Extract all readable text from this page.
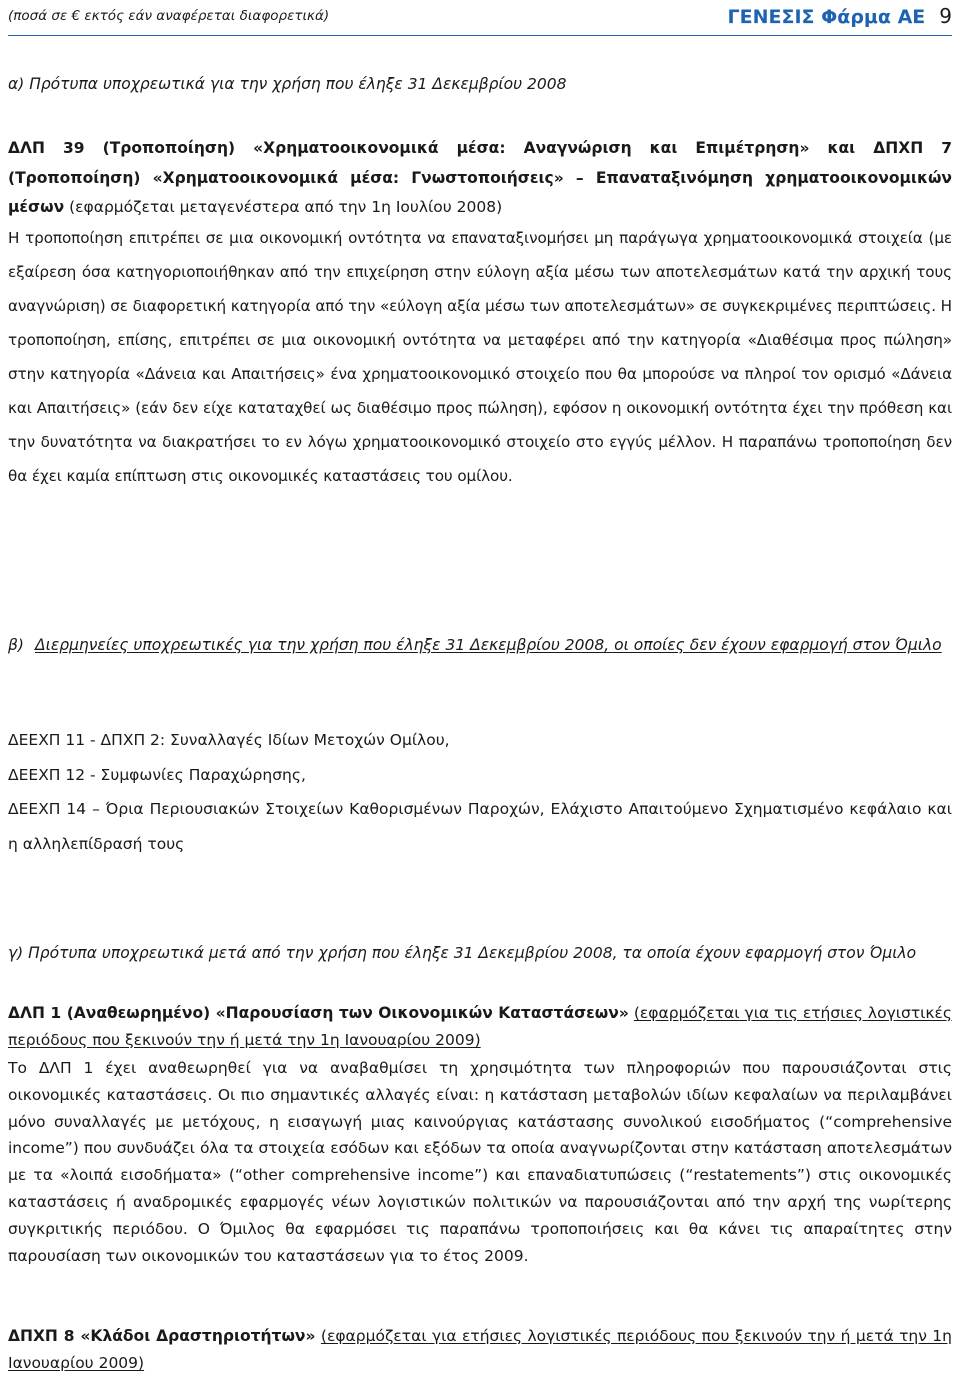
(ποσά σε € εκτός εάν αναφέρεται διαφορετικά)	ΓΕΝΕΣΙΣ Φάρμα ΑΕ 9

α) Πρότυπα υποχρεωτικά για την χρήση που έληξε 31 Δεκεμβρίου 2008

ΔΛΠ 39 (Τροποποίηση) «Χρηματοοικονομικά μέσα: Αναγνώριση και Επιμέτρηση» και ΔΠΧΠ 7 (Τροποποίηση) «Χρηματοοικονομικά μέσα: Γνωστοποιήσεις» – Επαναταξινόμηση χρηματοοικονομικών μέσων (εφαρμόζεται μεταγενέστερα από την 1η Ιουλίου 2008)

Η τροποποίηση επιτρέπει σε μια οικονομική οντότητα να επαναταξινομήσει μη παράγωγα χρηματοοικονομικά στοιχεία (με εξαίρεση όσα κατηγοριοποιήθηκαν από την επιχείρηση στην εύλογη αξία μέσω των αποτελεσμάτων κατά την αρχική τους αναγνώριση) σε διαφορετική κατηγορία από την «εύλογη αξία μέσω των αποτελεσμάτων» σε συγκεκριμένες περιπτώσεις. Η τροποποίηση, επίσης, επιτρέπει σε μια οικονομική οντότητα να μεταφέρει από την κατηγορία «Διαθέσιμα προς πώληση» στην κατηγορία «Δάνεια και Απαιτήσεις» ένα χρηματοοικονομικό στοιχείο που θα μπορούσε να πληροί τον ορισμό «Δάνεια και Απαιτήσεις» (εάν δεν είχε καταταχθεί ως διαθέσιμο προς πώληση), εφόσον η οικονομική οντότητα έχει την πρόθεση και την δυνατότητα να διακρατήσει το εν λόγω χρηματοοικονομικό στοιχείο στο εγγύς μέλλον. Η παραπάνω τροποποίηση δεν θα έχει καμία επίπτωση στις οικονομικές καταστάσεις του ομίλου.

β) Διερμηνείες υποχρεωτικές για την χρήση που έληξε 31 Δεκεμβρίου 2008, οι οποίες δεν έχουν εφαρμογή στον Όμιλο

ΔΕΕΧΠ 11 - ΔΠΧΠ 2: Συναλλαγές Ιδίων Μετοχών Ομίλου,
ΔΕΕΧΠ 12 - Συμφωνίες Παραχώρησης,
ΔΕΕΧΠ 14 – Όρια Περιουσιακών Στοιχείων Καθορισμένων Παροχών, Ελάχιστο Απαιτούμενο Σχηματισμένο κεφάλαιο και η αλληλεπίδρασή τους

γ) Πρότυπα υποχρεωτικά μετά από την χρήση που έληξε 31 Δεκεμβρίου 2008, τα οποία έχουν εφαρμογή στον Όμιλο

ΔΛΠ 1 (Αναθεωρημένο) «Παρουσίαση των Οικονομικών Καταστάσεων» (εφαρμόζεται για τις ετήσιες λογιστικές περιόδους που ξεκινούν την ή μετά την 1η Ιανουαρίου 2009)

Το ΔΛΠ 1 έχει αναθεωρηθεί για να αναβαθμίσει τη χρησιμότητα των πληροφοριών που παρουσιάζονται στις οικονομικές καταστάσεις. Οι πιο σημαντικές αλλαγές είναι: η κατάσταση μεταβολών ιδίων κεφαλαίων να περιλαμβάνει μόνο συναλλαγές με μετόχους, η εισαγωγή μιας καινούργιας κατάστασης συνολικού εισοδήματος (“comprehensive income”) που συνδυάζει όλα τα στοιχεία εσόδων και εξόδων τα οποία αναγνωρίζονται στην κατάσταση αποτελεσμάτων με τα «λοιπά εισοδήματα» (“other comprehensive income”) και επαναδιατυπώσεις (“restatements”) στις οικονομικές καταστάσεις ή αναδρομικές εφαρμογές νέων λογιστικών πολιτικών να παρουσιάζονται από την αρχή της νωρίτερης συγκριτικής περιόδου. Ο Όμιλος θα εφαρμόσει τις παραπάνω τροποποιήσεις και θα κάνει τις απαραίτητες στην παρουσίαση των οικονομικών του καταστάσεων για το έτος 2009.

ΔΠΧΠ 8 «Κλάδοι Δραστηριοτήτων» (εφαρμόζεται για ετήσιες λογιστικές περιόδους που ξεκινούν την ή μετά την 1η Ιανουαρίου 2009)
